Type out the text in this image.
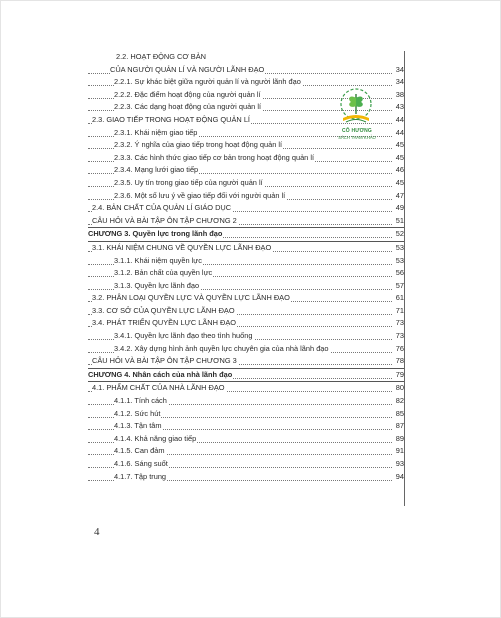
2.2. HOẠT ĐỘNG CƠ BẢN
CỦA NGƯỜI QUẢN LÍ VÀ NGƯỜI LÃNH ĐẠO	34
2.2.1. Sự khác biệt giữa người quản lí và người lãnh đạo	34
2.2.2. Đặc điểm hoạt động của người quản lí	38
2.2.3. Các dạng hoạt động của người quản lí	43
2.3. GIAO TIẾP TRONG HOẠT ĐỘNG QUẢN LÍ	44
2.3.1. Khái niệm giao tiếp	44
2.3.2. Ý nghĩa của giao tiếp trong hoạt động quản lí	45
2.3.3. Các hình thức giao tiếp cơ bản trong hoạt động quản lí	45
2.3.4. Mạng lưới giao tiếp	46
2.3.5. Uy tín trong giao tiếp của người quản lí	45
2.3.6. Một số lưu ý về giao tiếp đối với người quản lí	47
2.4. BẢN CHẤT CỦA QUẢN LÍ GIÁO DỤC	49
CÂU HỎI VÀ BÀI TẬP ÔN TẬP CHƯƠNG 2	51
CHƯƠNG 3. Quyền lực trong lãnh đạo	52
3.1. KHÁI NIỆM CHUNG VỀ QUYỀN LỰC LÃNH ĐẠO	53
3.1.1. Khái niệm quyền lực	53
3.1.2. Bản chất của quyền lực	56
3.1.3. Quyền lực lãnh đạo	57
3.2. PHÂN LOẠI QUYỀN LỰC VÀ QUYỀN LỰC LÃNH ĐẠO	61
3.3. CƠ SỞ CỦA QUYỀN LỰC LÃNH ĐẠO	71
3.4. PHÁT TRIỂN QUYỀN LỰC LÃNH ĐẠO	73
3.4.1. Quyền lực lãnh đạo theo tình huống	73
3.4.2. Xây dựng hình ảnh quyền lực chuyên gia của nhà lãnh đạo	76
CÂU HỎI VÀ BÀI TẬP ÔN TẬP CHƯƠNG 3	78
CHƯƠNG 4. Nhân cách của nhà lãnh đạo	79
4.1. PHẨM CHẤT CỦA NHÀ LÃNH ĐẠO	80
4.1.1. Tính cách	82
4.1.2. Sức hút	85
4.1.3. Tận tâm	87
4.1.4. Khả năng giao tiếp	89
4.1.5. Can đảm	91
4.1.6. Sáng suốt	93
4.1.7. Tập trung	94
CÔ HƯƠNG
SÁCH THAM KHẢO
4
